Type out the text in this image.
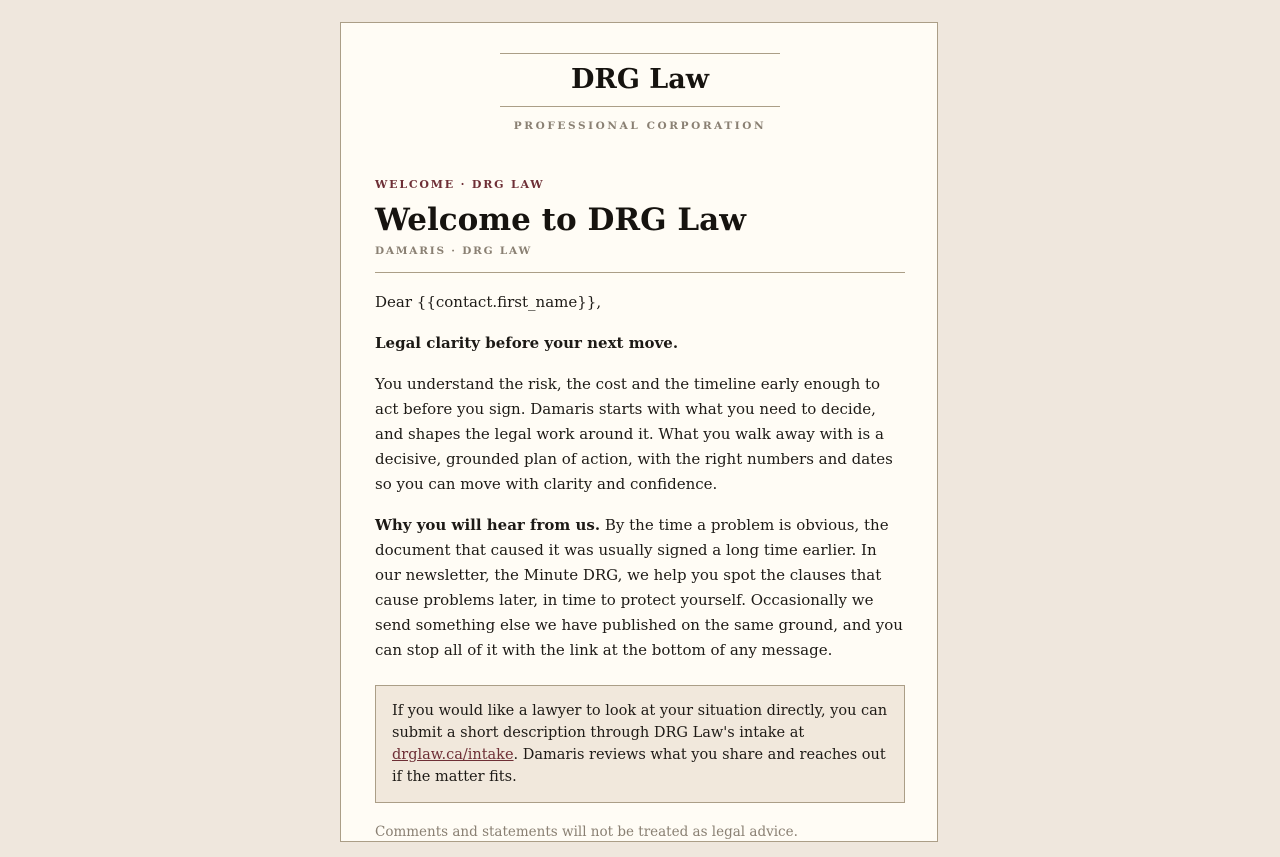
DRG Law
PROFESSIONAL CORPORATION

WELCOME · DRG LAW

Welcome to DRG Law

DAMARIS · DRG LAW

Dear {{contact.first_name}},

Legal clarity before your next move.

You understand the risk, the cost and the timeline early enough to act before you sign. Damaris starts with what you need to decide, and shapes the legal work around it. What you walk away with is a decisive, grounded plan of action, with the right numbers and dates so you can move with clarity and confidence.

Why you will hear from us. By the time a problem is obvious, the document that caused it was usually signed a long time earlier. In our newsletter, the Minute DRG, we help you spot the clauses that cause problems later, in time to protect yourself. Occasionally we send something else we have published on the same ground, and you can stop all of it with the link at the bottom of any message.

If you would like a lawyer to look at your situation directly, you can submit a short description through DRG Law's intake at drglaw.ca/intake. Damaris reviews what you share and reaches out if the matter fits.

Comments and statements will not be treated as legal advice.
